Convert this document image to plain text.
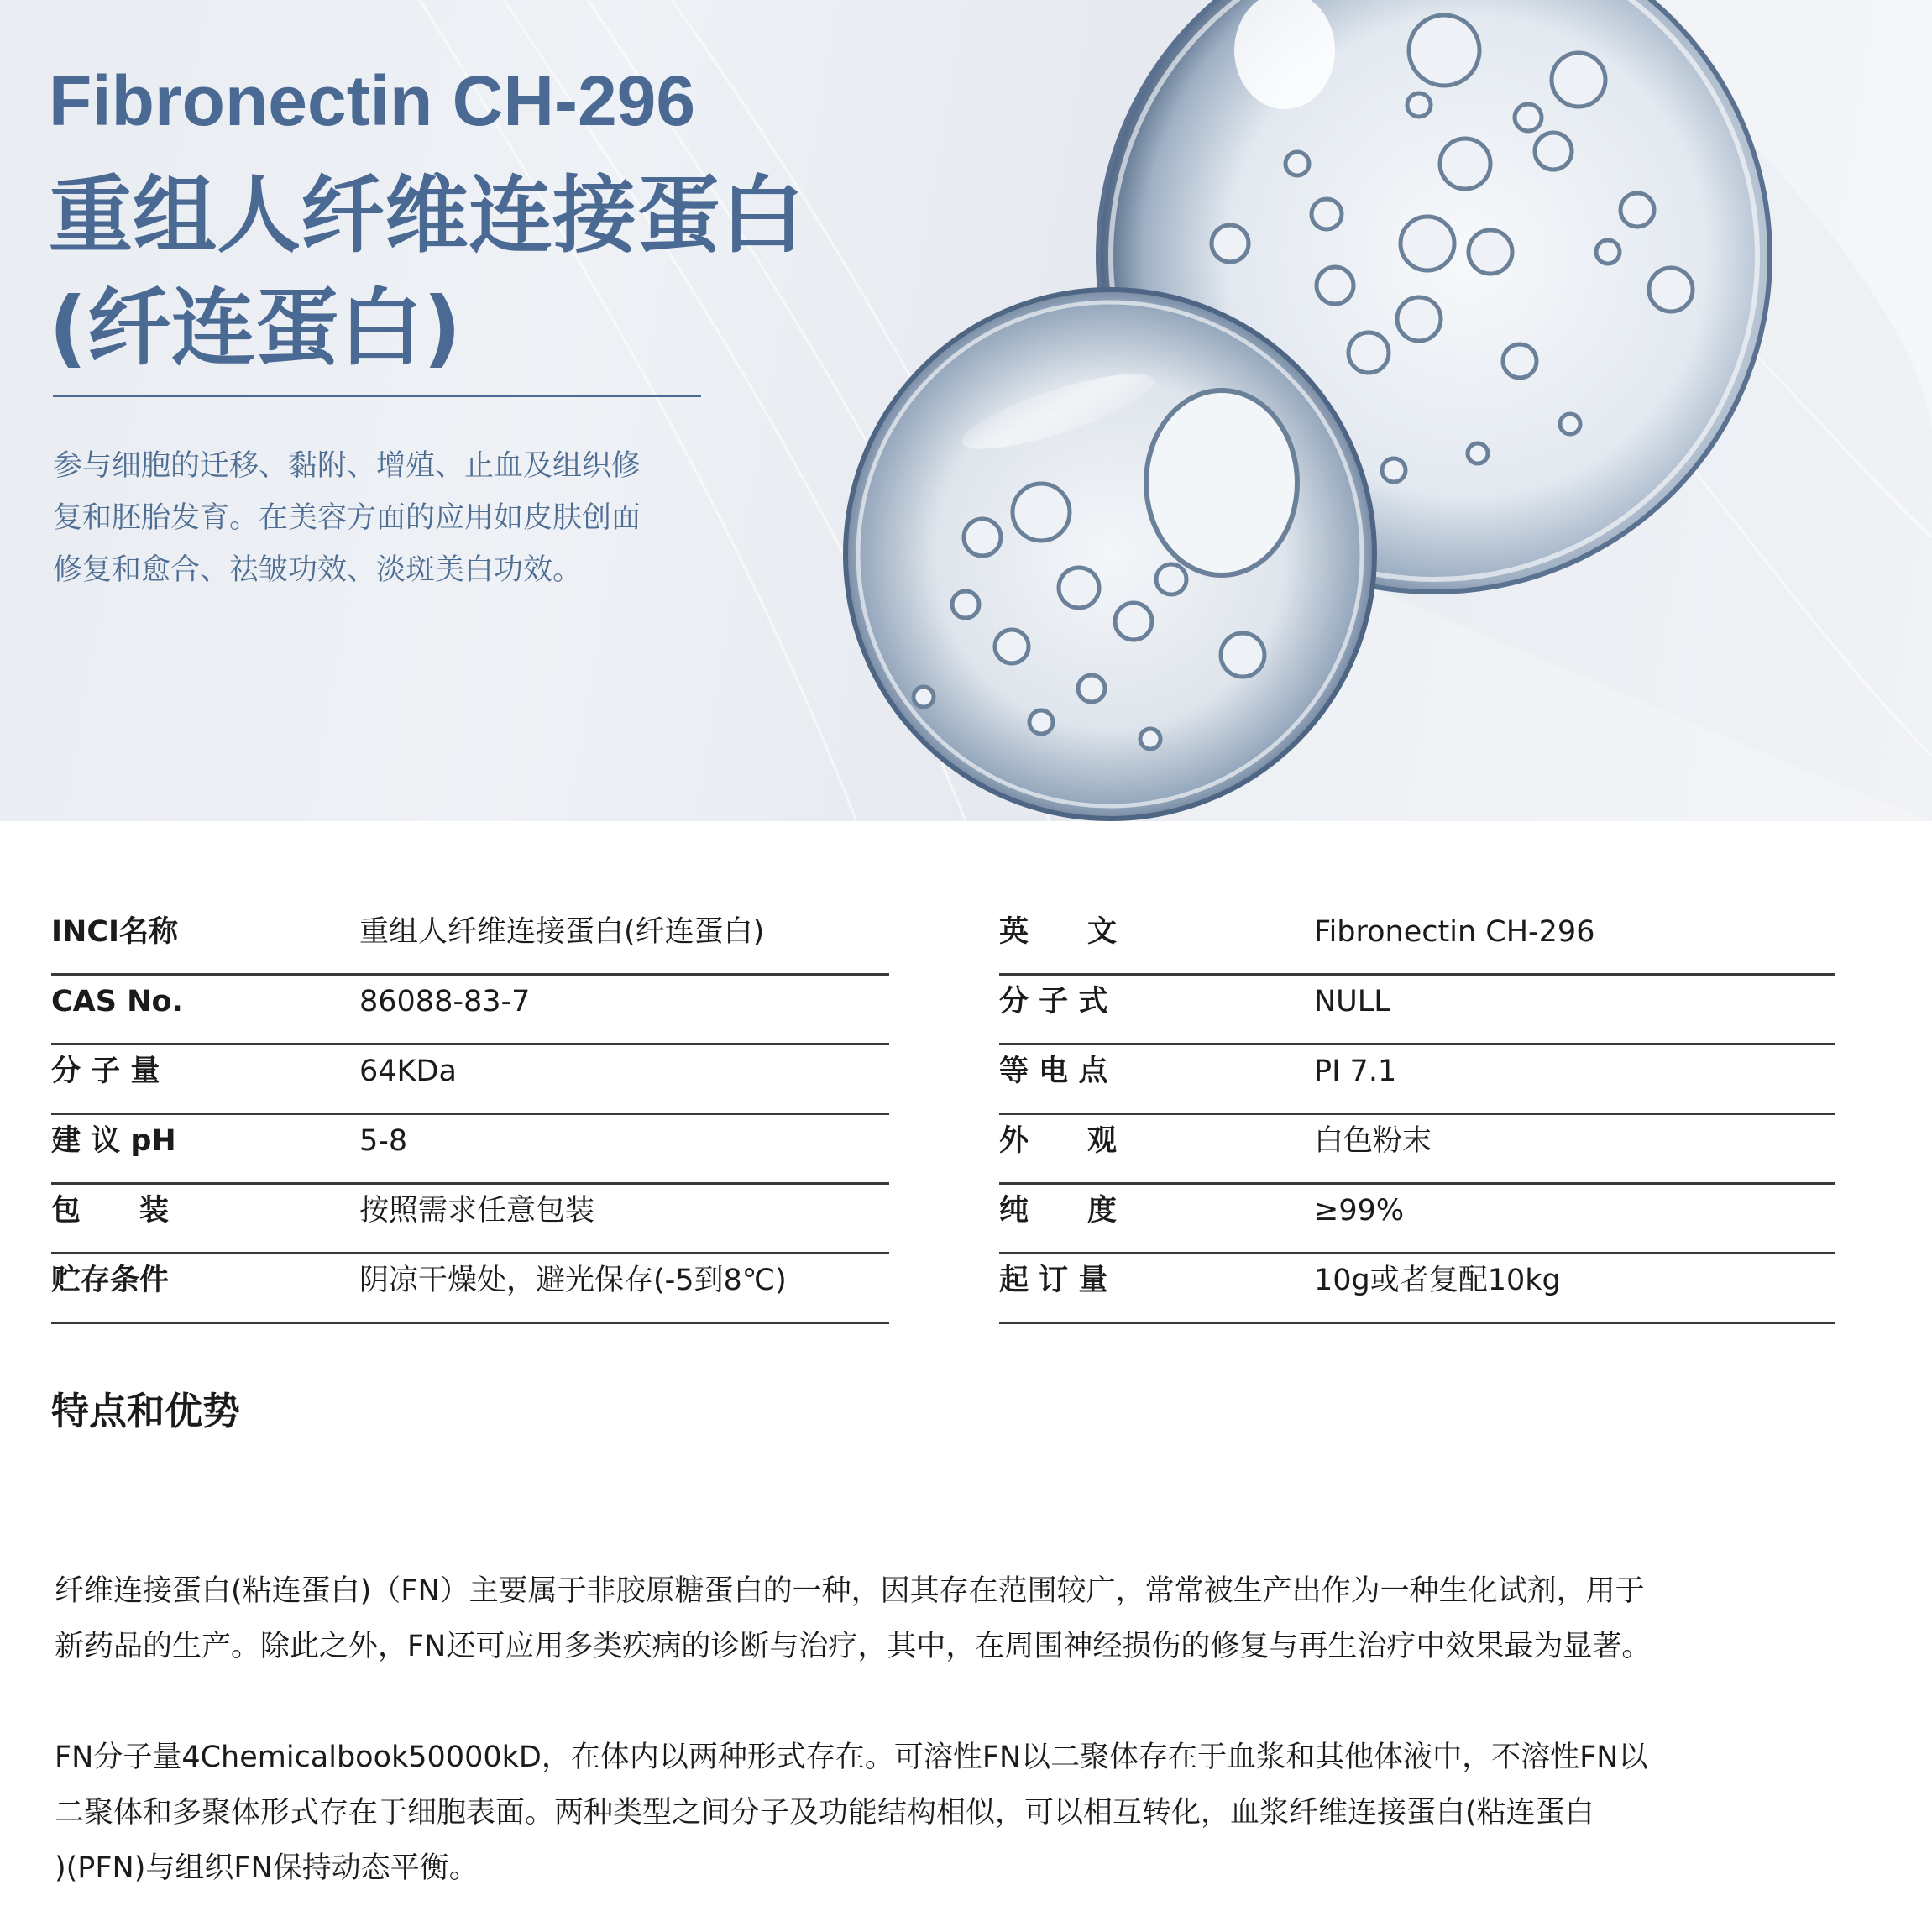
Fibronectin CH-296
重组人纤维连接蛋白
(纤连蛋白)
参与细胞的迁移、黏附、增殖、止血及组织修
复和胚胎发育。在美容方面的应用如皮肤创面
修复和愈合、祛皱功效、淡斑美白功效。
INCI名称	重组人纤维连接蛋白(纤连蛋白)
CAS No.	86088-83-7
分 子 量	64KDa
建 议 pH	5-8
包　　装	按照需求任意包装
贮存条件	阴凉干燥处，避光保存(-5到8℃)
英　　文	Fibronectin CH-296
分 子 式	NULL
等 电 点	PI 7.1
外　　观	白色粉末
纯　　度	≥99%
起 订 量	10g或者复配10kg
特点和优势
纤维连接蛋白(粘连蛋白)（FN）主要属于非胶原糖蛋白的一种，因其存在范围较广，常常被生产出作为一种生化试剂，用于
新药品的生产。除此之外，FN还可应用多类疾病的诊断与治疗，其中，在周围神经损伤的修复与再生治疗中效果最为显著。
FN分子量4Chemicalbook50000kD，在体内以两种形式存在。可溶性FN以二聚体存在于血浆和其他体液中，不溶性FN以
二聚体和多聚体形式存在于细胞表面。两种类型之间分子及功能结构相似，可以相互转化，血浆纤维连接蛋白(粘连蛋白
)(PFN)与组织FN保持动态平衡。
